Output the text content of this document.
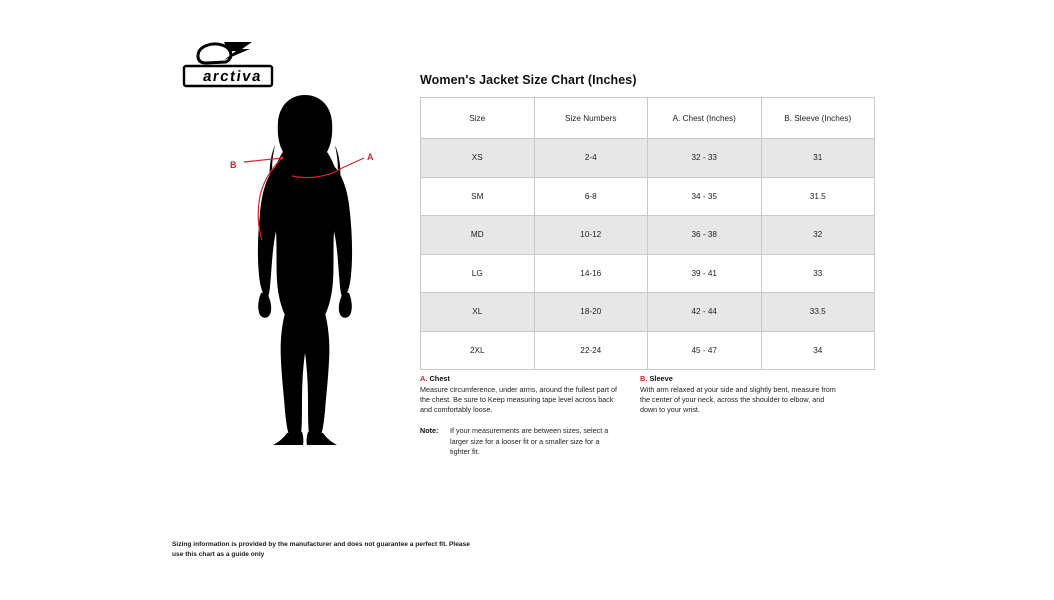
arctiva
B
A
Women's Jacket Size Chart (Inches)
Size	Size Numbers	A. Chest (Inches)	B. Sleeve (Inches)
XS	2-4	32 - 33	31
SM	6-8	34 - 35	31.5
MD	10-12	36 - 38	32
LG	14-16	39 - 41	33
XL	18-20	42 - 44	33.5
2XL	22-24	45 - 47	34
A. Chest
Measure circumference, under arms, around the fullest part of the chest. Be sure to Keep measuring tape level across back and comfortably loose.
Note: If your measurements are between sizes, select a larger size for a looser fit or a smaller size for a tighter fit.
B. Sleeve
With arm relaxed at your side and slightly bent, measure from the center of your neck, across the shoulder to elbow, and down to your wrist.
Sizing information is provided by the manufacturer and does not guarantee a perfect fit. Please use this chart as a guide only
